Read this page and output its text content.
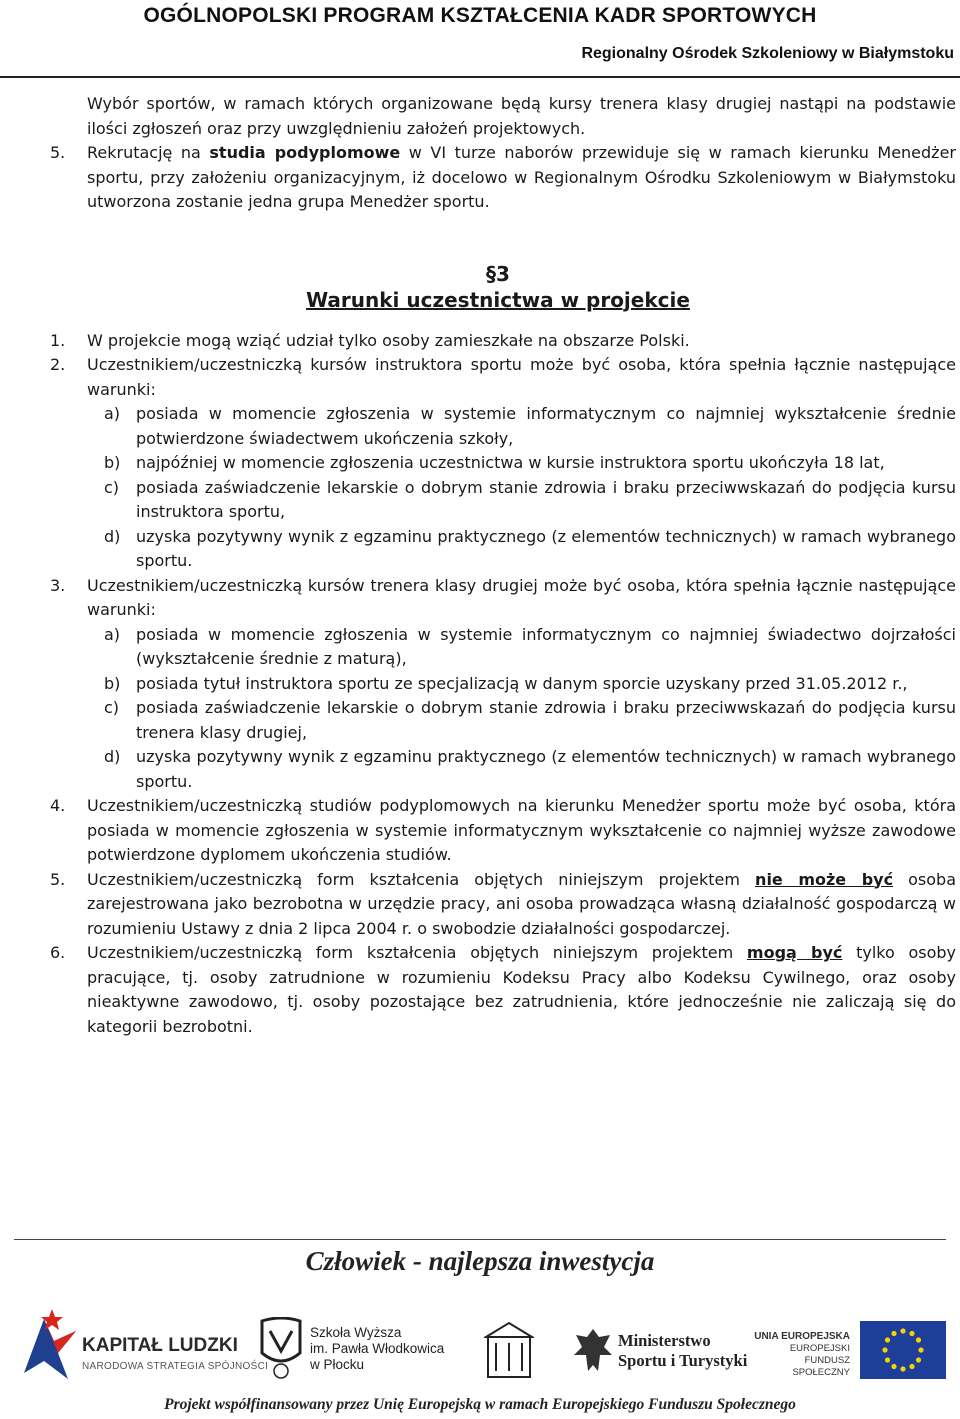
OGÓLNOPOLSKI PROGRAM KSZTAŁCENIA KADR SPORTOWYCH
Regionalny Ośrodek Szkoleniowy w Białymstoku

Wybór sportów, w ramach których organizowane będą kursy trenera klasy drugiej nastąpi na podstawie ilości zgłoszeń oraz przy uwzględnieniu założeń projektowych.

5. Rekrutację na studia podyplomowe w VI turze naborów przewiduje się w ramach kierunku Menedżer sportu, przy założeniu organizacyjnym, iż docelowo w Regionalnym Ośrodku Szkoleniowym w Białymstoku utworzona zostanie jedna grupa Menedżer sportu.
§3
Warunki uczestnictwa w projekcie
1. W projekcie mogą wziąć udział tylko osoby zamieszkałe na obszarze Polski.
2. Uczestnikiem/uczestniczką kursów instruktora sportu może być osoba, która spełnia łącznie następujące warunki:
a) posiada w momencie zgłoszenia w systemie informatycznym co najmniej wykształcenie średnie potwierdzone świadectwem ukończenia szkoły,
b) najpóźniej w momencie zgłoszenia uczestnictwa w kursie instruktora sportu ukończyła 18 lat,
c) posiada zaświadczenie lekarskie o dobrym stanie zdrowia i braku przeciwwskazań do podjęcia kursu instruktora sportu,
d) uzyska pozytywny wynik z egzaminu praktycznego (z elementów technicznych) w ramach wybranego sportu.
3. Uczestnikiem/uczestniczką kursów trenera klasy drugiej może być osoba, która spełnia łącznie następujące warunki:
a) posiada w momencie zgłoszenia w systemie informatycznym co najmniej świadectwo dojrzałości (wykształcenie średnie z maturą),
b) posiada tytuł instruktora sportu ze specjalizacją w danym sporcie uzyskany przed 31.05.2012 r.,
c) posiada zaświadczenie lekarskie o dobrym stanie zdrowia i braku przeciwwskazań do podjęcia kursu trenera klasy drugiej,
d) uzyska pozytywny wynik z egzaminu praktycznego (z elementów technicznych) w ramach wybranego sportu.
4. Uczestnikiem/uczestniczką studiów podyplomowych na kierunku Menedżer sportu może być osoba, która posiada w momencie zgłoszenia w systemie informatycznym wykształcenie co najmniej wyższe zawodowe potwierdzone dyplomem ukończenia studiów.
5. Uczestnikiem/uczestniczką form kształcenia objętych niniejszym projektem nie może być osoba zarejestrowana jako bezrobotna w urzędzie pracy, ani osoba prowadząca własną działalność gospodarczą w rozumieniu Ustawy z dnia 2 lipca 2004 r. o swobodzie działalności gospodarczej.
6. Uczestnikiem/uczestniczką form kształcenia objętych niniejszym projektem mogą być tylko osoby pracujące, tj. osoby zatrudnione w rozumieniu Kodeksu Pracy albo Kodeksu Cywilnego, oraz osoby nieaktywne zawodowo, tj. osoby pozostające bez zatrudnienia, które jednocześnie nie zaliczają się do kategorii bezrobotni.
Człowiek - najlepsza inwestycja
KAPITAŁ LUDZKI
NARODOWA STRATEGIA SPÓJNOŚCI
Szkoła Wyższa
im. Pawła Włodkowica
w Płocku
Ministerstwo
Sportu i Turystyki
UNIA EUROPEJSKA
EUROPEJSKI
FUNDUSZ SPOŁECZNY
Projekt współfinansowany przez Unię Europejską w ramach Europejskiego Funduszu Społecznego
